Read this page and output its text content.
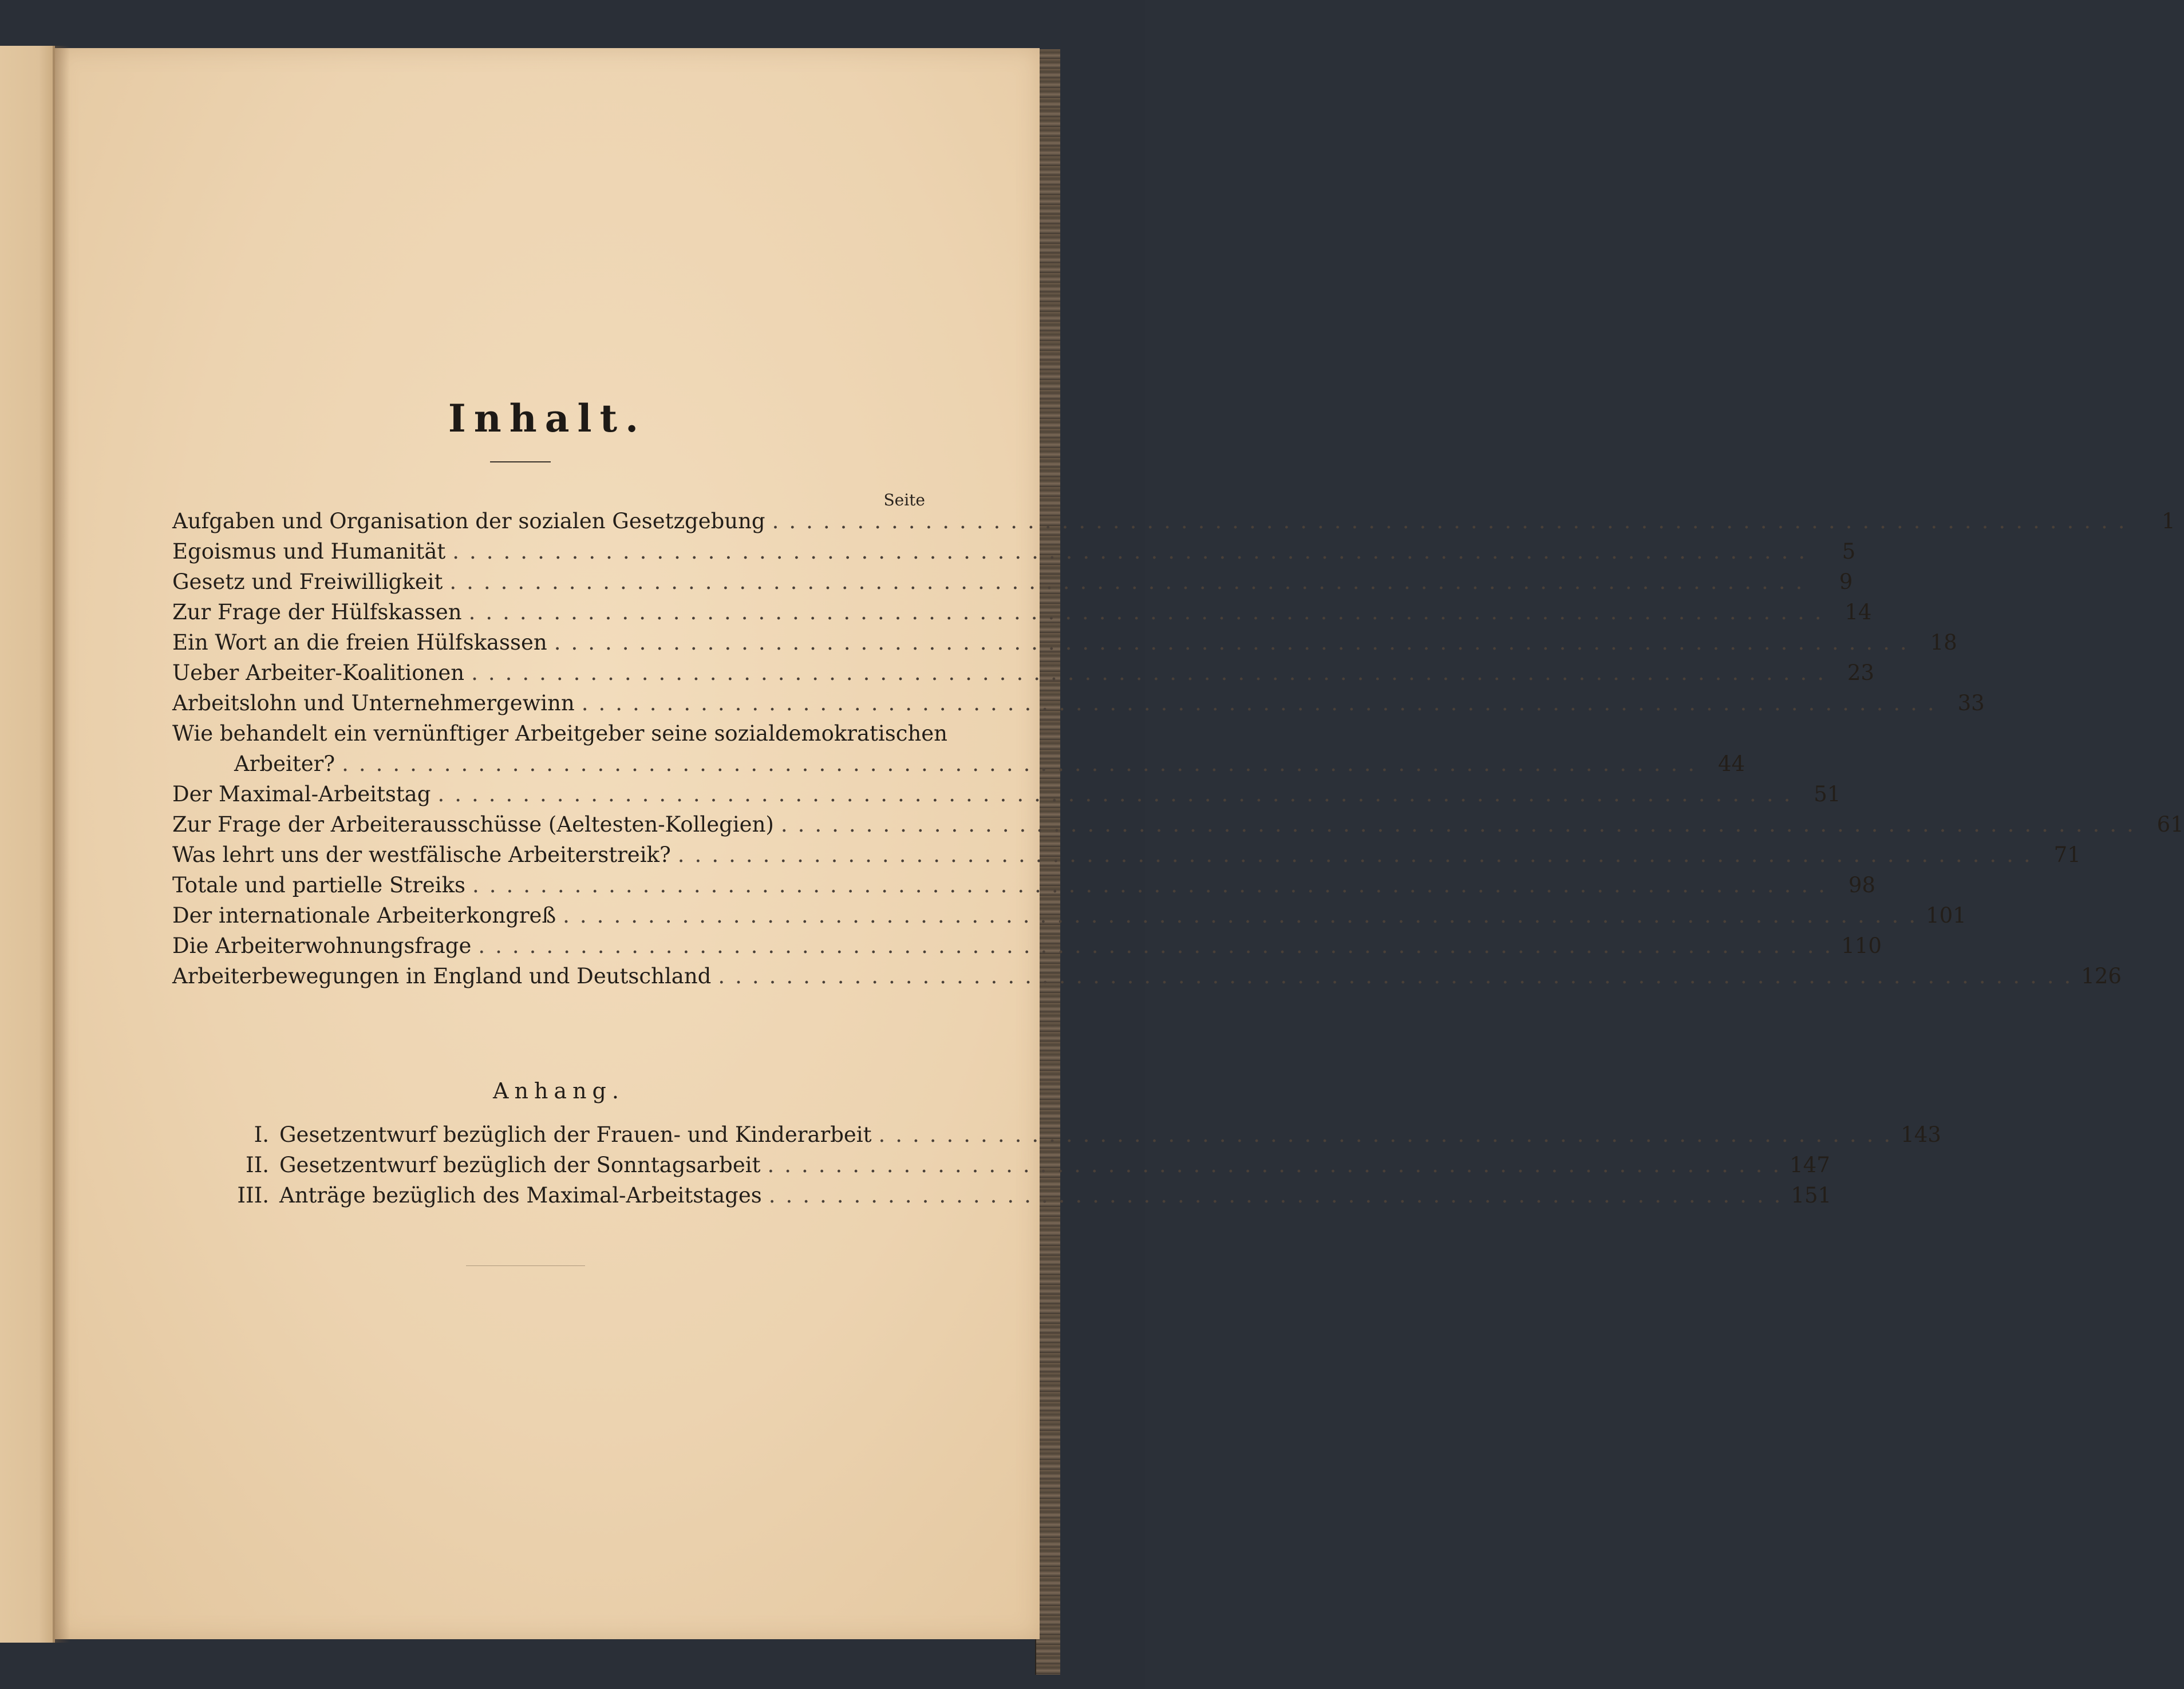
Inhalt.
Seite
Aufgaben und Organisation der sozialen Gesetzgebung ................................................................................	1
Egoismus und Humanität ................................................................................	5
Gesetz und Freiwilligkeit ................................................................................	9
Zur Frage der Hülfskassen ................................................................................ 14
Ein Wort an die freien Hülfskassen ................................................................................ 18
Ueber Arbeiter-Koalitionen ................................................................................ 23
Arbeitslohn und Unternehmergewinn ................................................................................ 33
Wie behandelt ein vernünftiger Arbeitgeber seine sozialdemokratischen
Arbeiter? ................................................................................ 44
Der Maximal-Arbeitstag ................................................................................ 51
Zur Frage der Arbeiterausschüsse (Aeltesten-Kollegien) ................................................................................ 61
Was lehrt uns der westfälische Arbeiterstreik? ................................................................................ 71
Totale und partielle Streiks ................................................................................ 98
Der internationale Arbeiterkongreß ................................................................................ 101
Die Arbeiterwohnungsfrage ................................................................................ 110
Arbeiterbewegungen in England und Deutschland ................................................................................ 126
Anhang.
I. Gesetzentwurf bezüglich der Frauen- und Kinderarbeit ............................................................ 143
II. Gesetzentwurf bezüglich der Sonntagsarbeit ............................................................ 147
III. Anträge bezüglich des Maximal-Arbeitstages ............................................................ 151
